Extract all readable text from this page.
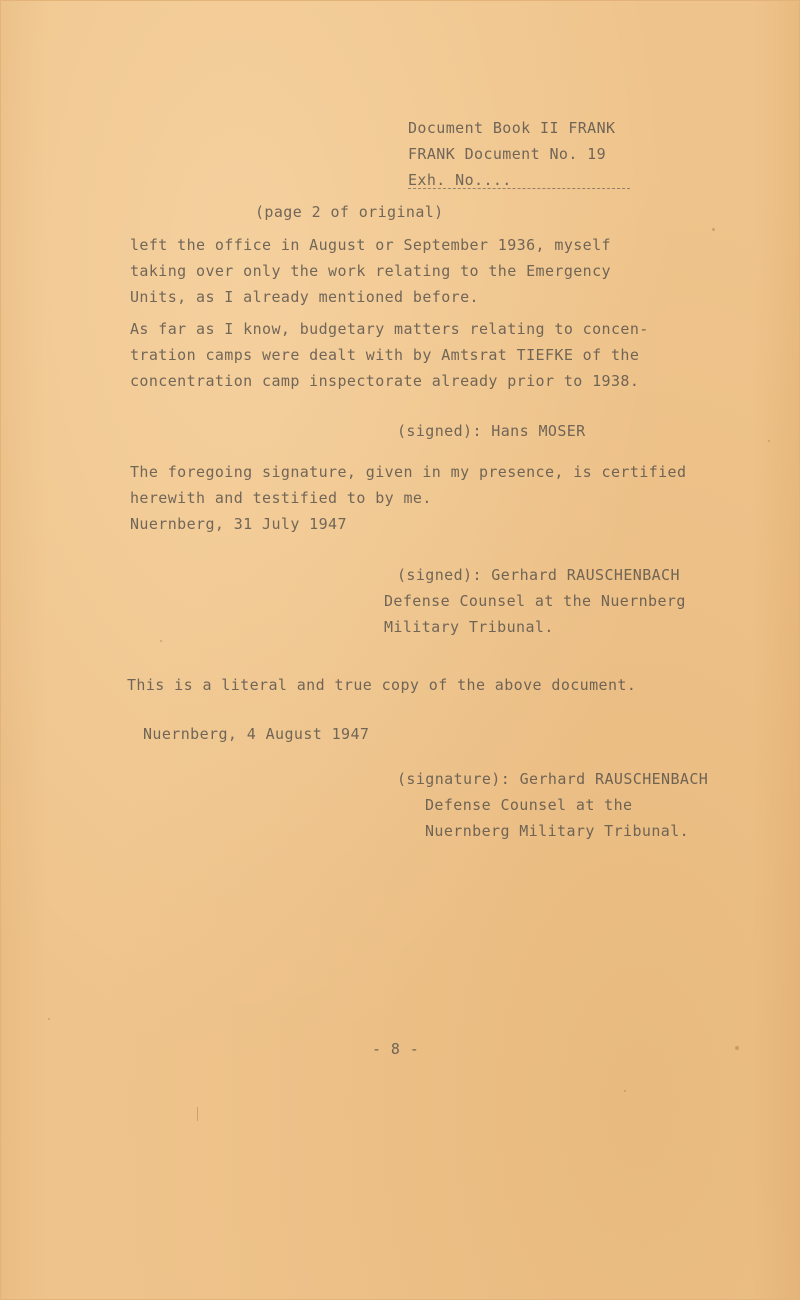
Document Book II FRANK
FRANK Document No. 19
Exh. No....
(page 2 of original)
left the office in August or September 1936, myself
taking over only the work relating to the Emergency
Units, as I already mentioned before.
As far as I know, budgetary matters relating to concen-
tration camps were dealt with by Amtsrat TIEFKE of the
concentration camp inspectorate already prior to 1938.
(signed): Hans MOSER
The foregoing signature, given in my presence, is certified
herewith and testified to by me.
Nuernberg, 31 July 1947
(signed): Gerhard RAUSCHENBACH
Defense Counsel at the Nuernberg
Military Tribunal.
This is a literal and true copy of the above document.
Nuernberg, 4 August 1947
(signature): Gerhard RAUSCHENBACH
Defense Counsel at the
Nuernberg Military Tribunal.
- 8 -
